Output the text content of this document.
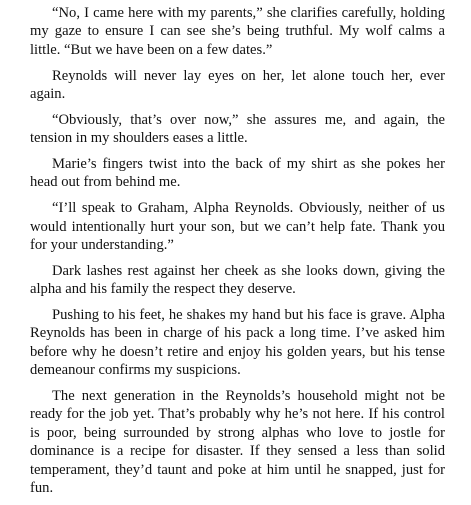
“No, I came here with my parents,” she clarifies carefully, holding my gaze to ensure I can see she’s being truthful. My wolf calms a little. “But we have been on a few dates.”

Reynolds will never lay eyes on her, let alone touch her, ever again.

“Obviously, that’s over now,” she assures me, and again, the tension in my shoulders eases a little.

Marie’s fingers twist into the back of my shirt as she pokes her head out from behind me.

“I’ll speak to Graham, Alpha Reynolds. Obviously, neither of us would intentionally hurt your son, but we can’t help fate. Thank you for your understanding.”

Dark lashes rest against her cheek as she looks down, giving the alpha and his family the respect they deserve.

Pushing to his feet, he shakes my hand but his face is grave. Alpha Reynolds has been in charge of his pack a long time. I’ve asked him before why he doesn’t retire and enjoy his golden years, but his tense demeanour confirms my suspicions.

The next generation in the Reynolds’s household might not be ready for the job yet. That’s probably why he’s not here. If his control is poor, being surrounded by strong alphas who love to jostle for dominance is a recipe for disaster. If they sensed a less than solid temperament, they’d taunt and poke at him until he snapped, just for fun.
